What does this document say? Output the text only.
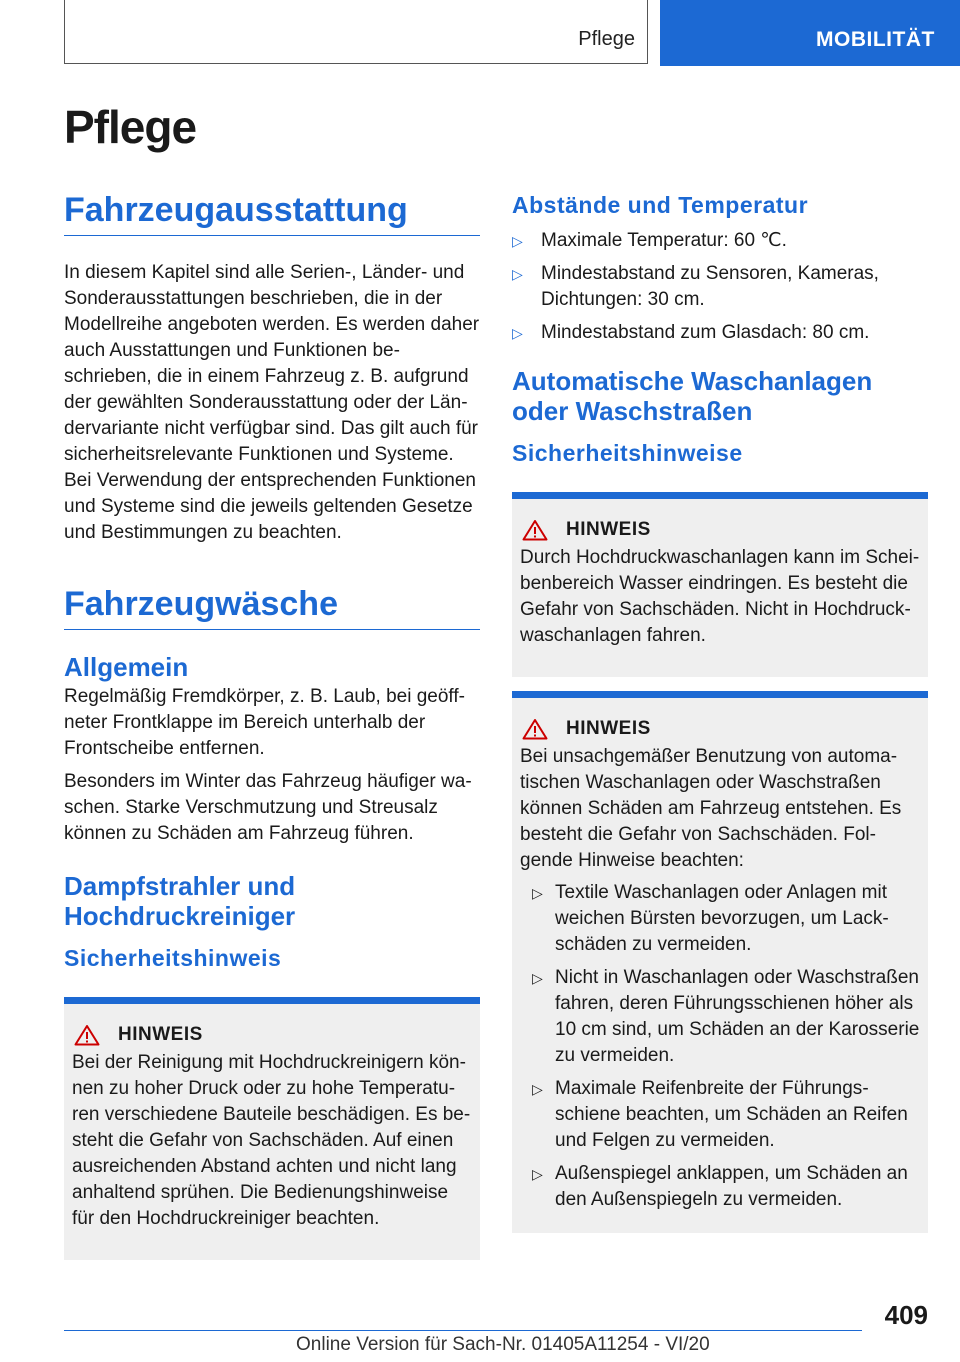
Pflege	MOBILITÄT
Pflege
Fahrzeugausstattung

In diesem Kapitel sind alle Serien-, Länder- und Sonderausstattungen beschrieben, die in der Modellreihe angeboten werden. Es werden daher auch Ausstattungen und Funktionen beschrieben, die in einem Fahrzeug z. B. aufgrund der gewählten Sonderausstattung oder der Ländervariante nicht verfügbar sind. Das gilt auch für sicherheitsrelevante Funktionen und Systeme. Bei Verwendung der entsprechenden Funktionen und Systeme sind die jeweils geltenden Gesetze und Bestimmungen zu beachten.

Fahrzeugwäsche
Allgemein

Regelmäßig Fremdkörper, z. B. Laub, bei geöffneter Frontklappe im Bereich unterhalb der Frontscheibe entfernen.

Besonders im Winter das Fahrzeug häufiger waschen. Starke Verschmutzung und Streusalz können zu Schäden am Fahrzeug führen.

Dampfstrahler und Hochdruckreiniger
Sicherheitshinweis
HINWEIS

Bei der Reinigung mit Hochdruckreinigern können zu hoher Druck oder zu hohe Temperaturen verschiedene Bauteile beschädigen. Es besteht die Gefahr von Sachschäden. Auf einen ausreichenden Abstand achten und nicht lang anhaltend sprühen. Die Bedienungshinweise für den Hochdruckreiniger beachten.

Abstände und Temperatur
▷ Maximale Temperatur: 60 ℃.
▷ Mindestabstand zu Sensoren, Kameras, Dichtungen: 30 cm.
▷ Mindestabstand zum Glasdach: 80 cm.
Automatische Waschanlagen oder Waschstraßen
Sicherheitshinweise
HINWEIS

Durch Hochdruckwaschanlagen kann im Scheibenbereich Wasser eindringen. Es besteht die Gefahr von Sachschäden. Nicht in Hochdruckwaschanlagen fahren.

HINWEIS

Bei unsachgemäßer Benutzung von automatischen Waschanlagen oder Waschstraßen können Schäden am Fahrzeug entstehen. Es besteht die Gefahr von Sachschäden. Folgende Hinweise beachten:

▷ Textile Waschanlagen oder Anlagen mit weichen Bürsten bevorzugen, um Lackschäden zu vermeiden.
▷ Nicht in Waschanlagen oder Waschstraßen fahren, deren Führungsschienen höher als 10 cm sind, um Schäden an der Karosserie zu vermeiden.
▷ Maximale Reifenbreite der Führungsschiene beachten, um Schäden an Reifen und Felgen zu vermeiden.
▷ Außenspiegel anklappen, um Schäden an den Außenspiegeln zu vermeiden.
409
Online Version für Sach-Nr. 01405A11254 - VI/20
